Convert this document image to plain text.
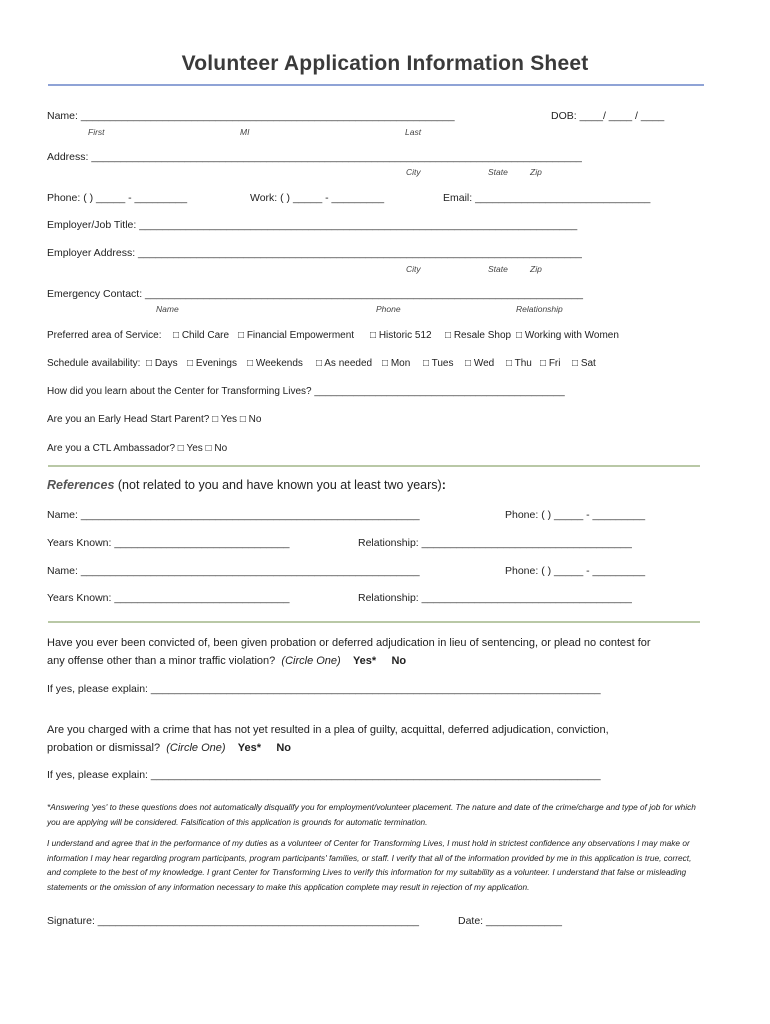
Volunteer Application Information Sheet
Name: ________________________________________________________________	DOB: ____/ ____ / ____
First	MI	Last
Address: ____________________________________________________________________________________
City	State	Zip
Phone: ( ) _____ - _________	Work: ( ) _____ - _________	Email: ______________________________
Employer/Job Title: ___________________________________________________________________________
Employer Address: ____________________________________________________________________________
City	State	Zip
Emergency Contact: ___________________________________________________________________________
Name	Phone	Relationship
Preferred area of Service: □ Child Care □ Financial Empowerment □ Historic 512 □ Resale Shop □ Working with Women
Schedule availability: □ Days □ Evenings □ Weekends □ As needed □ Mon □ Tues □ Wed □ Thu □ Fri □ Sat
How did you learn about the Center for Transforming Lives? _____________________________________________
Are you an Early Head Start Parent? □ Yes □ No
Are you a CTL Ambassador? □ Yes □ No
References (not related to you and have known you at least two years):
Name: __________________________________________________________	Phone: ( ) _____ - _________
Years Known: ______________________________	Relationship: ____________________________________
Name: __________________________________________________________	Phone: ( ) _____ - _________
Years Known: ______________________________	Relationship: ____________________________________
Have you ever been convicted of, been given probation or deferred adjudication in lieu of sentencing, or plead no contest for
any offense other than a minor traffic violation? (Circle One) Yes* No
If yes, please explain: _____________________________________________________________________________
Are you charged with a crime that has not yet resulted in a plea of guilty, acquittal, deferred adjudication, conviction,
probation or dismissal? (Circle One) Yes* No
If yes, please explain: _____________________________________________________________________________
*Answering 'yes' to these questions does not automatically disqualify you for employment/volunteer placement. The nature and date of the crime/charge and type of job for which you are applying will be considered. Falsification of this application is grounds for automatic termination.
I understand and agree that in the performance of my duties as a volunteer of Center for Transforming Lives, I must hold in strictest confidence any observations I may make or information I may hear regarding program participants, program participants' families, or staff. I verify that all of the information provided by me in this application is true, correct, and complete to the best of my knowledge. I grant Center for Transforming Lives to verify this information for my suitability as a volunteer. I understand that false or misleading statements or the omission of any information necessary to make this application complete may result in rejection of my application.
Signature: _______________________________________________________	Date: _____________
